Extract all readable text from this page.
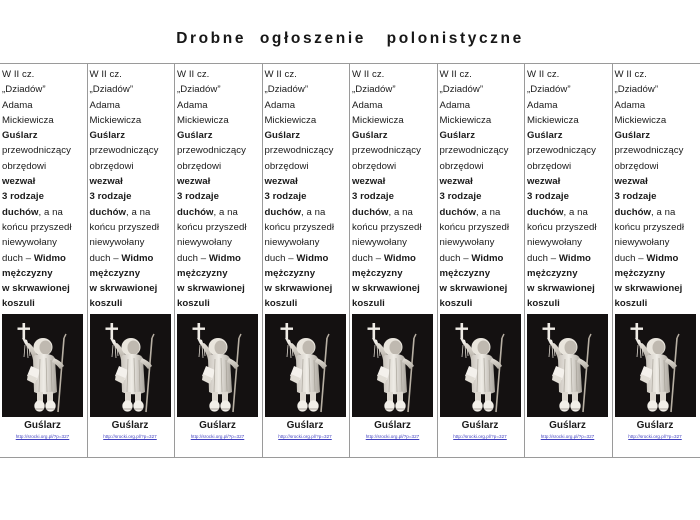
Drobne  ogłoszenie   polonistyczne
W II cz.
„Dziadów”
Adama
Mickiewicza
Guślarz
przewodniczący
obrzędowi
wezwał
3 rodzaje
duchów, a na
końcu przyszedł
niewywołany
duch – Widmo
mężczyzny
w skrwawionej
koszuli
Guślarz
http://srocki.org.pl/?p=327
W II cz.
„Dziadów”
Adama
Mickiewicza
Guślarz
przewodniczący
obrzędowi
wezwał
3 rodzaje
duchów, a na
końcu przyszedł
niewywołany
duch – Widmo
mężczyzny
w skrwawionej
koszuli
Guślarz
http://srocki.org.pl/?p=327
W II cz.
„Dziadów”
Adama
Mickiewicza
Guślarz
przewodniczący
obrzędowi
wezwał
3 rodzaje
duchów, a na
końcu przyszedł
niewywołany
duch – Widmo
mężczyzny
w skrwawionej
koszuli
Guślarz
http://srocki.org.pl/?p=327
W II cz.
„Dziadów”
Adama
Mickiewicza
Guślarz
przewodniczący
obrzędowi
wezwał
3 rodzaje
duchów, a na
końcu przyszedł
niewywołany
duch – Widmo
mężczyzny
w skrwawionej
koszuli
Guślarz
http://srocki.org.pl/?p=327
W II cz.
„Dziadów”
Adama
Mickiewicza
Guślarz
przewodniczący
obrzędowi
wezwał
3 rodzaje
duchów, a na
końcu przyszedł
niewywołany
duch – Widmo
mężczyzny
w skrwawionej
koszuli
Guślarz
http://srocki.org.pl/?p=327
W II cz.
„Dziadów”
Adama
Mickiewicza
Guślarz
przewodniczący
obrzędowi
wezwał
3 rodzaje
duchów, a na
końcu przyszedł
niewywołany
duch – Widmo
mężczyzny
w skrwawionej
koszuli
Guślarz
http://srocki.org.pl/?p=327
W II cz.
„Dziadów”
Adama
Mickiewicza
Guślarz
przewodniczący
obrzędowi
wezwał
3 rodzaje
duchów, a na
końcu przyszedł
niewywołany
duch – Widmo
mężczyzny
w skrwawionej
koszuli
Guślarz
http://srocki.org.pl/?p=327
W II cz.
„Dziadów”
Adama
Mickiewicza
Guślarz
przewodniczący
obrzędowi
wezwał
3 rodzaje
duchów, a na
końcu przyszedł
niewywołany
duch – Widmo
mężczyzny
w skrwawionej
koszuli
Guślarz
http://srocki.org.pl/?p=327
